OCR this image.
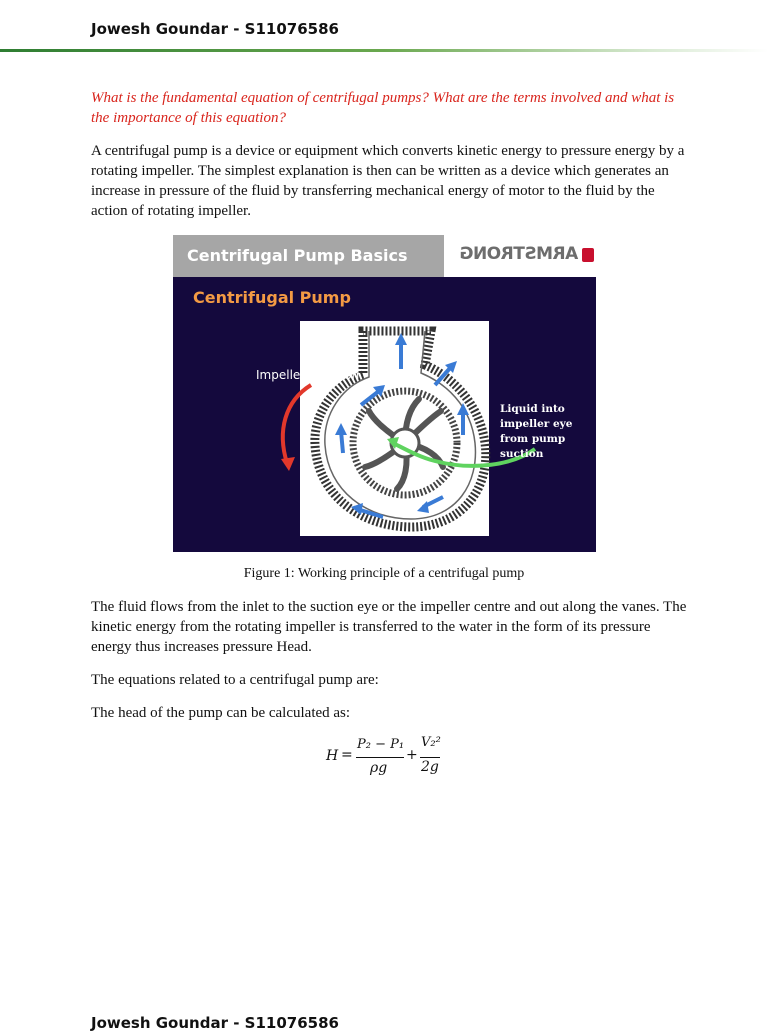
Jowesh Goundar - S11076586
What is the fundamental equation of centrifugal pumps? What are the terms involved and what is the importance of this equation?
A centrifugal pump is a device or equipment which converts kinetic energy to pressure energy by a rotating impeller. The simplest explanation is then can be written as a device which generates an increase in pressure of the fluid by transferring mechanical energy of motor to the fluid by the action of rotating impeller.
Centrifugal Pump Basics	ARMSTRONG
Centrifugal Pump
Impeller Rotation
Liquid into impeller eye from pump suction
Figure 1: Working principle of a centrifugal pump
The fluid flows from the inlet to the suction eye or the impeller centre and out along the vanes. The kinetic energy from the rotating impeller is transferred to the water in the form of its pressure energy thus increases pressure Head.
The equations related to a centrifugal pump are:
The head of the pump can be calculated as:
H =
P₂ − P₁
ρg
+
V₂²
2g
Jowesh Goundar - S11076586
